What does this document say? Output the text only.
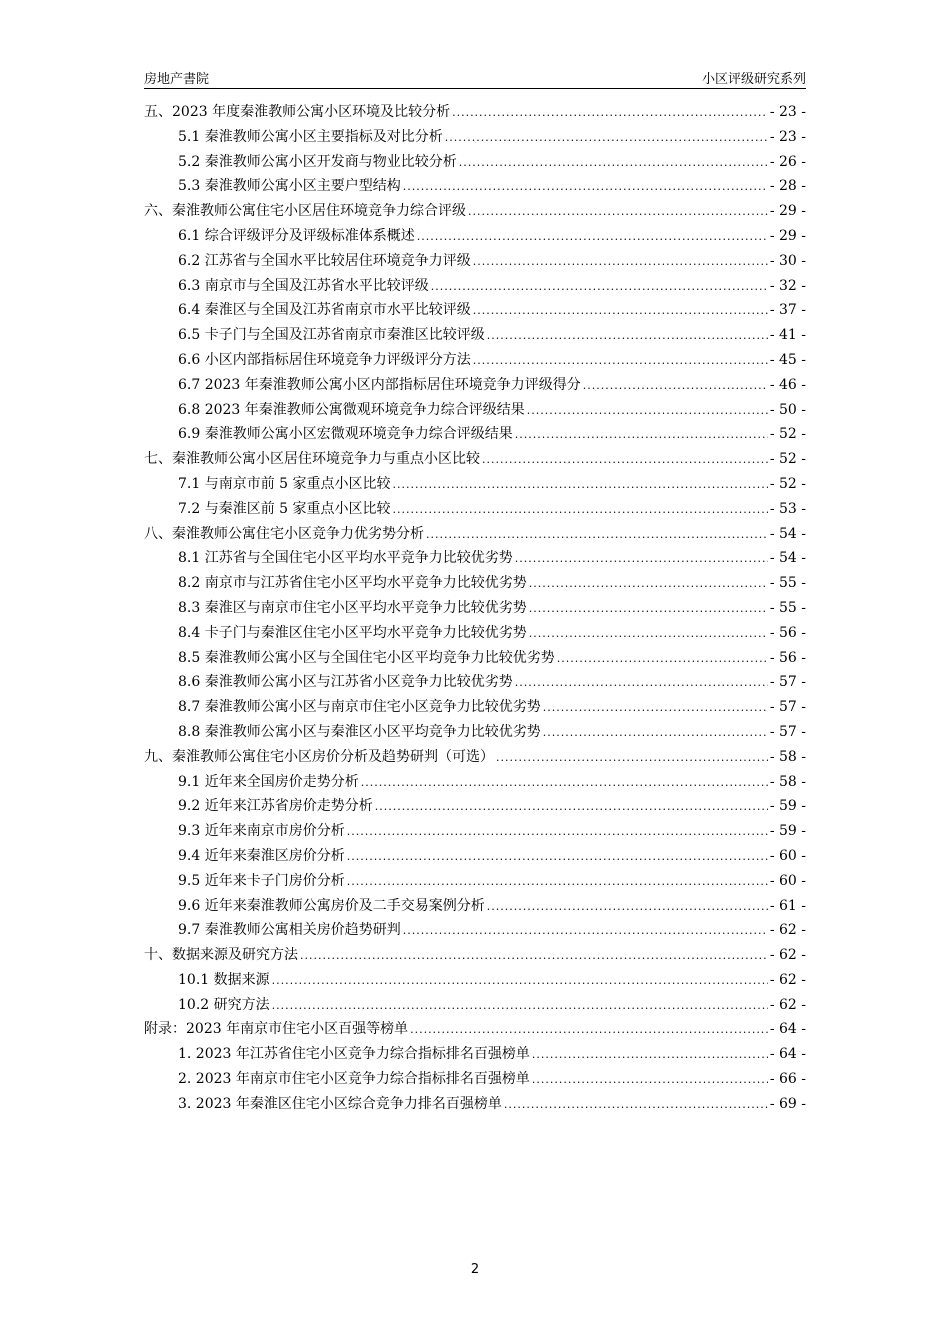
房地产書院	小区评级研究系列
五、2023 年度秦淮教师公寓小区环境及比较分析 .....	- 23 -
5.1 秦淮教师公寓小区主要指标及对比分析 .....	- 23 -
5.2 秦淮教师公寓小区开发商与物业比较分析 .....	- 26 -
5.3 秦淮教师公寓小区主要户型结构 .....	- 28 -
六、秦淮教师公寓住宅小区居住环境竞争力综合评级 .....	- 29 -
6.1 综合评级评分及评级标准体系概述 .....	- 29 -
6.2 江苏省与全国水平比较居住环境竞争力评级 .....	- 30 -
6.3 南京市与全国及江苏省水平比较评级 .....	- 32 -
6.4 秦淮区与全国及江苏省南京市水平比较评级 .....	- 37 -
6.5 卡子门与全国及江苏省南京市秦淮区比较评级 .....	- 41 -
6.6 小区内部指标居住环境竞争力评级评分方法 .....	- 45 -
6.7 2023 年秦淮教师公寓小区内部指标居住环境竞争力评级得分 .....	- 46 -
6.8 2023 年秦淮教师公寓微观环境竞争力综合评级结果 .....	- 50 -
6.9 秦淮教师公寓小区宏微观环境竞争力综合评级结果 .....	- 52 -
七、秦淮教师公寓小区居住环境竞争力与重点小区比较 .....	- 52 -
7.1 与南京市前 5 家重点小区比较 .....	- 52 -
7.2 与秦淮区前 5 家重点小区比较 .....	- 53 -
八、秦淮教师公寓住宅小区竞争力优劣势分析 .....	- 54 -
8.1 江苏省与全国住宅小区平均水平竞争力比较优劣势 .....	- 54 -
8.2 南京市与江苏省住宅小区平均水平竞争力比较优劣势 .....	- 55 -
8.3 秦淮区与南京市住宅小区平均水平竞争力比较优劣势 .....	- 55 -
8.4 卡子门与秦淮区住宅小区平均水平竞争力比较优劣势 .....	- 56 -
8.5 秦淮教师公寓小区与全国住宅小区平均竞争力比较优劣势 .....	- 56 -
8.6 秦淮教师公寓小区与江苏省小区竞争力比较优劣势 .....	- 57 -
8.7 秦淮教师公寓小区与南京市住宅小区竞争力比较优劣势 .....	- 57 -
8.8 秦淮教师公寓小区与秦淮区小区平均竞争力比较优劣势 .....	- 57 -
九、秦淮教师公寓住宅小区房价分析及趋势研判（可选） .....	- 58 -
9.1 近年来全国房价走势分析 .....	- 58 -
9.2 近年来江苏省房价走势分析 .....	- 59 -
9.3 近年来南京市房价分析 .....	- 59 -
9.4 近年来秦淮区房价分析 .....	- 60 -
9.5 近年来卡子门房价分析 .....	- 60 -
9.6 近年来秦淮教师公寓房价及二手交易案例分析 .....	- 61 -
9.7 秦淮教师公寓相关房价趋势研判 .....	- 62 -
十、数据来源及研究方法 .....	- 62 -
10.1 数据来源 .....	- 62 -
10.2 研究方法 .....	- 62 -
附录：2023 年南京市住宅小区百强等榜单 .....	- 64 -
1. 2023 年江苏省住宅小区竞争力综合指标排名百强榜单 .....	- 64 -
2. 2023 年南京市住宅小区竞争力综合指标排名百强榜单 .....	- 66 -
3. 2023 年秦淮区住宅小区综合竞争力排名百强榜单 .....	- 69 -
2
